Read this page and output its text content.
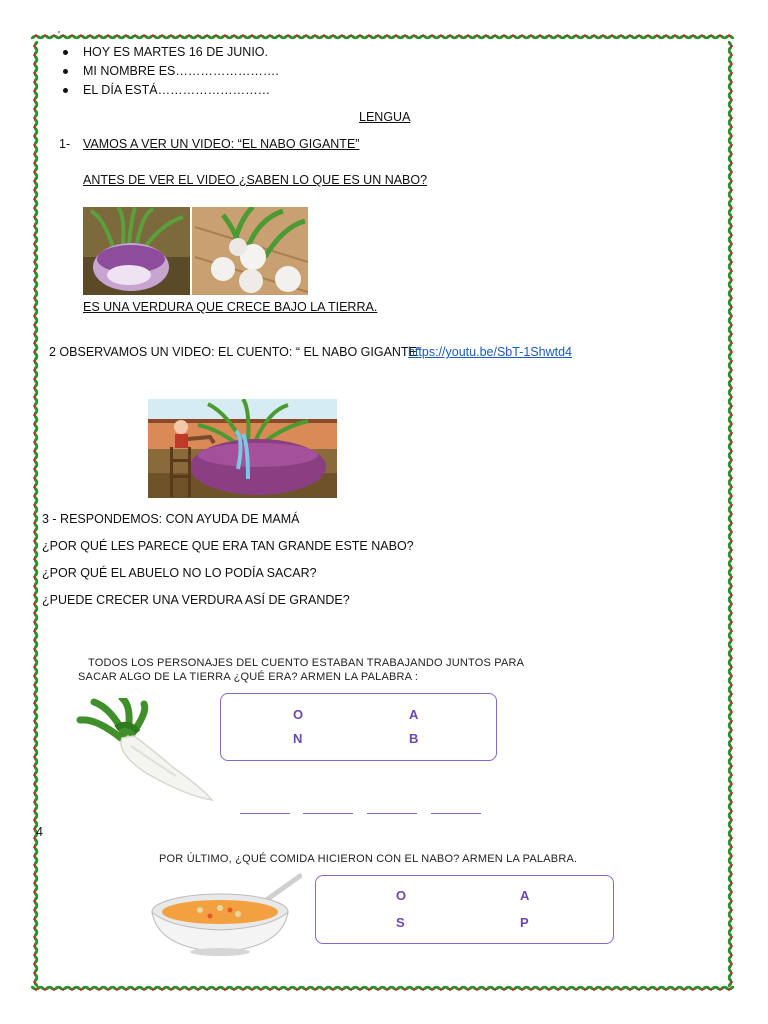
'
HOY ES MARTES 16 DE JUNIO.
MI NOMBRE ES…………………….
EL DÍA ESTÁ………………………
LENGUA
1- VAMOS A VER UN VIDEO: “EL NABO GIGANTE”
ANTES DE VER EL VIDEO ¿SABEN LO QUE ES UN NABO?
ES UNA VERDURA QUE CRECE BAJO LA TIERRA.
2 OBSERVAMOS UN VIDEO: EL CUENTO: “ EL NABO GIGANTE”
https://youtu.be/SbT-1Shwtd4
3 - RESPONDEMOS: CON AYUDA DE MAMÁ
¿POR QUÉ LES PARECE QUE ERA TAN GRANDE ESTE NABO?
¿POR QUÉ EL ABUELO NO LO PODÍA SACAR?
¿PUEDE CRECER UNA VERDURA ASÍ DE GRANDE?
TODOS LOS PERSONAJES DEL CUENTO ESTABAN TRABAJANDO JUNTOS PARA
SACAR ALGO DE LA TIERRA ¿QUÉ ERA? ARMEN LA PALABRA :
O	A
N	B
4
POR ÚLTIMO, ¿QUÉ COMIDA HICIERON CON EL NABO? ARMEN LA PALABRA.
O	A
S	P
